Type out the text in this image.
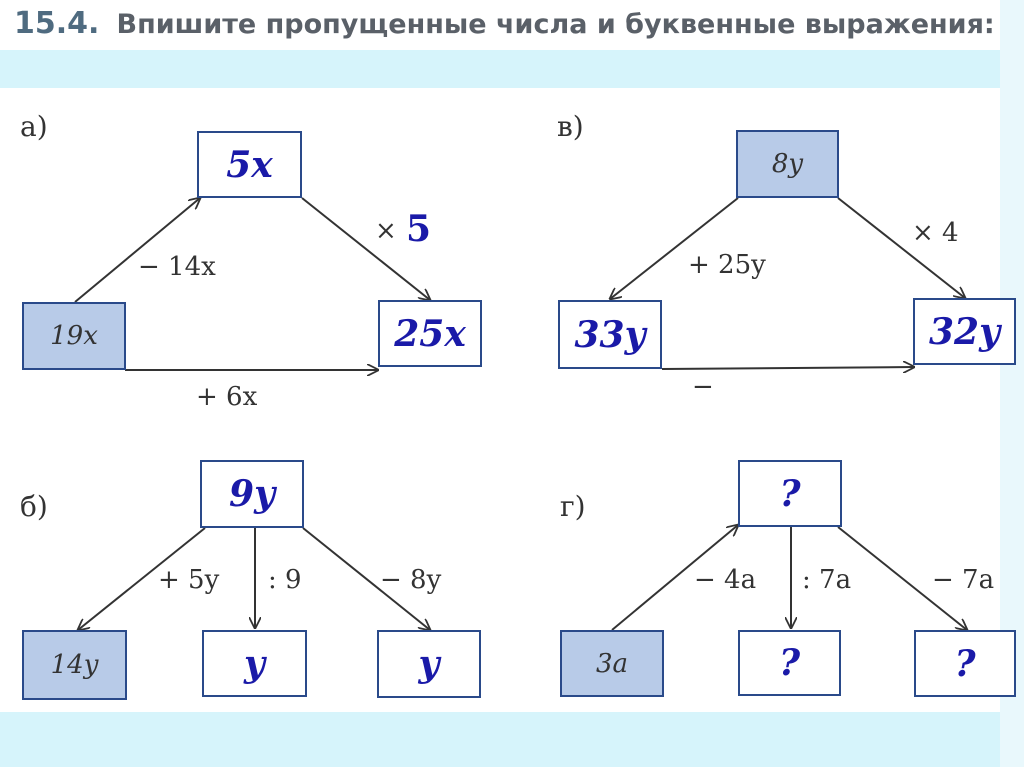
15.4. Впишите пропущенные числа и буквенные выражения:
а)
5x
19x	25x
− 14x
× 5
+ 6x
в)
8y
33y	32y
+ 25y
× 4
−
б)	9y
14y	y	y
+ 5y : 9	− 8y
г)	?
3a	?	?
− 4a : 7a	− 7a
